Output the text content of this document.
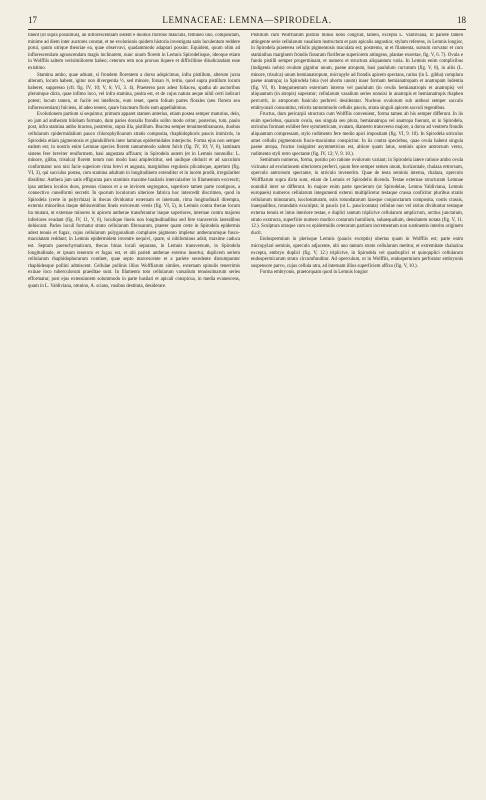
17	LEMNACEAE: LEMNA—SPIRODELA.	18

tinent (ut supra posuimus), an inflorescentiam sistent e duobus floribus masculis, femineo uno, compositam, minime ad diem inter auctores constat, et ne evolutionis quidem historia investigata satis luculentum reddere potui, quum utrique theoriae ea, quae observavi, quadammodo adaptari possint. Equidem, quum olim ad inflorescentiam agnoscendam magis inclinarem, nunc unum florem in Lemnis Spirodelisque, ideoque etiam in Wolffiis saltem verisimiliorem habeo; ceterum rem non prorsus liquere et difficillime diiudicandam esse existimo.

Stamina ambo, quae adsunt, si frondem florentem a dorso adspicimus, infra pistillum, alterum juxta alterum, locum habent, igitur non divergentia ½, sed minore, forsan ⅓, tertio, quod supra pistillum locum haberet, suppresso (cfr. fig. IV, 10; V, 6; VI, 3. 4). Praeterea pars adest foliacea, spatha ab auctoribus plerumque dicta, quae infimo loco, vel infra stamina, posita est, et de cujus natura aeque nihil certi indicari potest; locum tamen, ut facile est intellectu, eum tenet, quem folium partes florales (seu florem seu inflorescentiam) fulciens, id adeo tenent, quare bracteam floris eam appellabimus.

Evolutionem partium si sequimur, primum apparet stamen anterius, etiam postea semper maturius, dein, eo jam ad antheram bilobam formato, dum paries dorsalis frondis solito modo oritur, posterius, tum, paulo post, infra stamina ambo bractea, postremo, supra illa, pistillum. Bractea semper tenuimembranacea, duobus cellularum cpiderrnidalium pauco chlorophylloarum stratis composita, rhaphidophoris paucis immixtis, in Spirodela etiam pigmentosis et glanduliferis inter laminas epidermidales interjectis. Forma ejus non semper eadem est; in nostris enim Lemnae species florem tantummodo saltem fulcit (fig. IV, 10; V, 6), laminam sistens fere breviter reniformem, basi angustata affixam; in Spirodela autem (et in Lemnis nonnullis: L. minore, gibba, trisulca) florem totum non modo basi amplecititur, sed undique obducit et ad sacculum conformatur non nisi facie superiore rima brevi et angusta, marginibus regulosis plicatisque, apertum (fig. VI, 3), qui sacculus postea, cum stamina adultum in longitudinem extenditur et in lucem prodit, irregulariter dissilitur. Anthera jam satis effigurata pars staminis maxime basilaris intercalariter in filamentum excrescit; ipsa anthera loculos duos, pressus clausos et a se invicem segregatos, superiore tamen parte contiguos, a connectivo cuneiformi secretit. In quorum loculorum ulteriore fabrica hoc intercedit discrimen, quod in Spirodela (certe in polyrrhiza) in thecas dividuntur externam et internam, rima longitudinali dirempta, externis minoribus itaque dehiscentibus lineis extrorsum versis (fig. VI, 5), in Lemnis contra thecae locum ita mutant, ut externae minores in apicem antherae transferantur itaque superiores, internae contra majores inferiores evadant (fig. IV, 11, V, 6), loculique lineis non longitudinalibus sed fere transversis lateralibus dehiscant. Paries loculi formatur strato cellularum fibrosarum, praeter quam certe in Spirodela epidermis adest tenuis et fugax, cujus cellularum polygonalium complures pigmento impletur antherarumque fusco-maculatam reddunt; in Lemnis epidermidem inventre nequivi, quare, si nihilominus adsit, maxime caduca est. Septum parenchymaticum, thecas binas locali separans, in Lemnis transversum, in Spirodela longitudinale, et ipsum tenerum et fugax est, et ubi parieti antherae externo insertur, duplicem seriem cellularum rhaphidophorarum continet, quae septo marcescente et a pariete secedente disrumpuntur rhaphidesque pollini admiscent. Cellulae pollinis illius Wolffiarum similes, externam spinulis tenerrimis exinae loco tuberculorum praeditae sunt. In filamento toto cellularum varsalium tenuissimarum series efformatur, post ejus extensionem solummodo in parte basilari et apicali conspicua, in media evanescens, quam in L. Valdiviana, omnino, A. scians, vasibus destituta, desiderare.

Pistillum cum Wolffiarum pistillo minus notis congruit, tamen, excepta L. Valdiviana, in pariete tamen attingente serie cellularum vasalium instructum et pars apicalis angustior, stylum referens, in Lemnis longior, in Spirodela praeterea cellulis pigmentosis maculata est; postremo, ut et filamenta, sursum curvatur et cum staminibus marginem frondis fissuram floriferae superiorem attingens, plantae exsertae, fig. V, 6. 7). Ovula e fundo pistilli semper progerminant, et numero et structura aliquantum varia. In Lemnis enim complicibus (indigenis nobis) ovulum gignitur unum, paene atropum, basi paululum curvatum (fig. V, 8), in aliis (L. minore, trisulca) unum hemianatropum, micropyle ad frondis apicem spectans, rarius (in L. gibba) complura paene anatropa; in Spirodela bina (vel abortu unum) inaer formam hemianatropam et anatropam ludentia (fig. VI, 8). Integumentum externum interno vel paululum (in ovulis hemianatropis et anatropis) vel aliquantum (in atropis) superatur; cellularum vasalium series nonnisi in anatropis et hemianatropis rhaphen percurrit, in atroporum funiculo perbrevi desideratur. Nucleus ovulorum sub antheai semper saccalo embryonali consumitur, relictis tantummodo cellulis paucis, strata singuli apicem sacculi tegentibus.

Fructus, dum pericarpii structura cum Wolffiis convenient, forma tamen ab his semper differunt. In iis enim speciebus, quarum ovula, seu singula seu plura, hemianatropa vel anatropa fuerunt, ut in Spirodela, utriculus formam exhibet fere symmetricam, ovatam, diametro transverso majore, a dorso ad ventrem frondis aliquantum compressam, stylo rudimento fere medio apici impositam (fig. VI, 9. 10). In Spirodela utriculus amet cellulis pigmentosis fusco-maculatus conspicitur. In iis contra speciebus, quae ovula habent singula paene atropa, fructus insigniter asymmetricus est, altiore quam latus, seminis apice antrorsum verso, rudimento styli retro spectante (fig. IV, 12; V, 9. 10.).

Semimum numerus, forma, positio pro ratione ovulorum variant; in Spirodela latere ratione ambo ovula vicinatur ad evolutionem ulteriorem perferri, quum fere semper semen unum, horizontale, chalaza retrorsum, operculo antrorsum spectante, in utriculo invenerim. Quae de testa seminis interna, chalaza, operculo Wolffiarum supra dicta sunt, etiam de Lemnis et Spirodelis dicenda. Testae externae structuram Lemnae nonnihil inter se differunt. In majore enim parte specierum (ut Spirodelae, Lemna Valdiviana, Lemnis europaeis) numeros cellularum integumenti externi multiplicetur testaque crassa conficitur pluribus stratis cellularum minutarum, isoclostaturam, sstis rotundatarum laxeque conjunctarum composita, costis crassis, inaequalibus, rotundatis exsculpta; in paucis (ut L. paucicostata) cellulae non vel rarius dividuntur testaque externa tenuis et intus interiore testae, e duplici tantum triplicive cellularum amplicrum, arctius junctarum, strato exstructa, superficie numero modico costarum humilium, subaequalium, densitatem notata (fig. V, 11. 12.). Sculptura utraque cum ex epidermidis ceterarum partium incrementum non sustinentis interitu originem ducit.

Endospermium in plerisque Lemnis (paucis exceptis) ubertas quam in Wolffiis est; parte enim micropylari seminis, operculo adjacente, ubi uno tantum strato cellularum metitur, et extremitate chalazina excepta, embryo duplici (fig. V, 12.) triplicive, in Spirodela vel quadruplici et quinquplici cellularum endospermicarum strato circumfunditur. Ad operculum, ut in Wolffiis, endospermium perforatur embryonis suspensore parvo, cujus cellula utra, ad internam illius superficiem affixo (fig. V, 10.).

Forma embryonis, praetorquam quod in Lemnis longior
